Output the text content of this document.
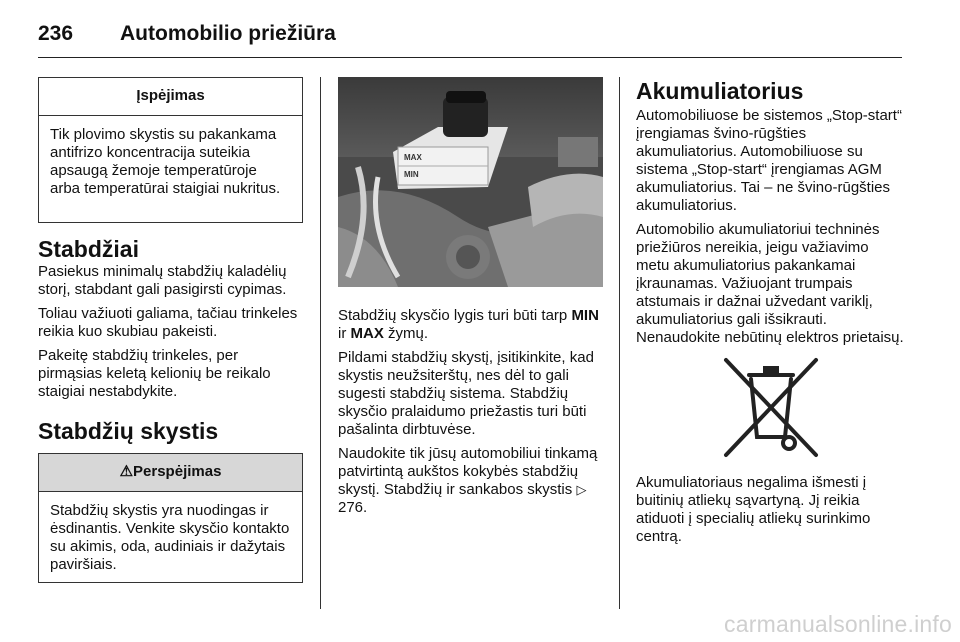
236 Automobilio priežiūra
Įspėjimas
Tik plovimo skystis su pakankama antifrizo koncentracija suteikia apsaugą žemoje temperatūroje arba temperatūrai staigiai nukritus.
Stabdžiai

Pasiekus minimalų stabdžių kaladėlių storį, stabdant gali pasigirsti cypimas.

Toliau važiuoti galiama, tačiau trinkeles reikia kuo skubiau pakeisti.

Pakeitę stabdžių trinkeles, per pirmąsias keletą kelionių be reikalo staigiai nestabdykite.

Stabdžių skystis
⚠Perspėjimas
Stabdžių skystis yra nuodingas ir ėsdinantis. Venkite skysčio kontakto su akimis, oda, audiniais ir dažytais paviršiais.
MAX
MIN

Stabdžių skysčio lygis turi būti tarp MIN ir MAX žymų.

Pildami stabdžių skystį, įsitikinkite, kad skystis neužsiterštų, nes dėl to gali sugesti stabdžių sistema. Stabdžių skysčio pralaidumo priežastis turi būti pašalinta dirbtuvėse.

Naudokite tik jūsų automobiliui tinkamą patvirtintą aukštos kokybės stabdžių skystį. Stabdžių ir sankabos skystis ▷ 276.

Akumuliatorius

Automobiliuose be sistemos „Stop-start“ įrengiamas švino-rūgšties akumuliatorius. Automobiliuose su sistema „Stop-start“ įrengiamas AGM akumuliatorius. Tai – ne švino-rūgšties akumuliatorius.

Automobilio akumuliatoriui techninės priežiūros nereikia, jeigu važiavimo metu akumuliatorius pakankamai įkraunamas. Važiuojant trumpais atstumais ir dažnai užvedant variklį, akumuliatorius gali išsikrauti. Nenaudokite nebūtinų elektros prietaisų.

Akumuliatoriaus negalima išmesti į buitinių atliekų sąvartyną. Jį reikia atiduoti į specialių atliekų surinkimo centrą.

carmanualsonline.info
